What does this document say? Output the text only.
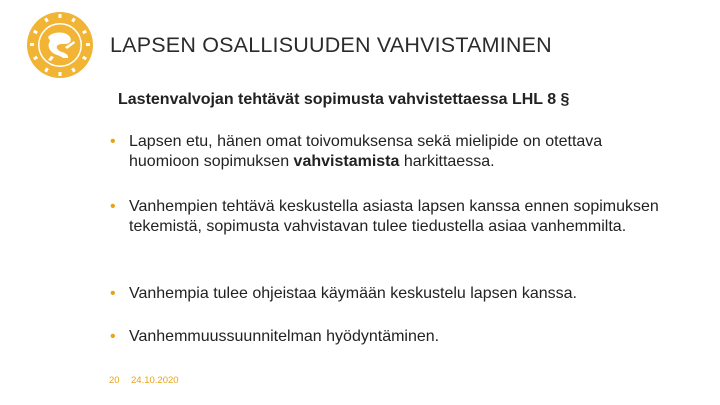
LAPSEN OSALLISUUDEN VAHVISTAMINEN
Lastenvalvojan tehtävät sopimusta vahvistettaessa LHL 8 §
• Lapsen etu, hänen omat toivomuksensa sekä mielipide on otettava huomioon sopimuksen vahvistamista harkittaessa.
• Vanhempien tehtävä keskustella asiasta lapsen kanssa ennen sopimuksen tekemistä, sopimusta vahvistavan tulee tiedustella asiaa vanhemmilta.
• Vanhempia tulee ohjeistaa käymään keskustelu lapsen kanssa.
• Vanhemmuussuunnitelman hyödyntäminen.
20 24.10.2020
